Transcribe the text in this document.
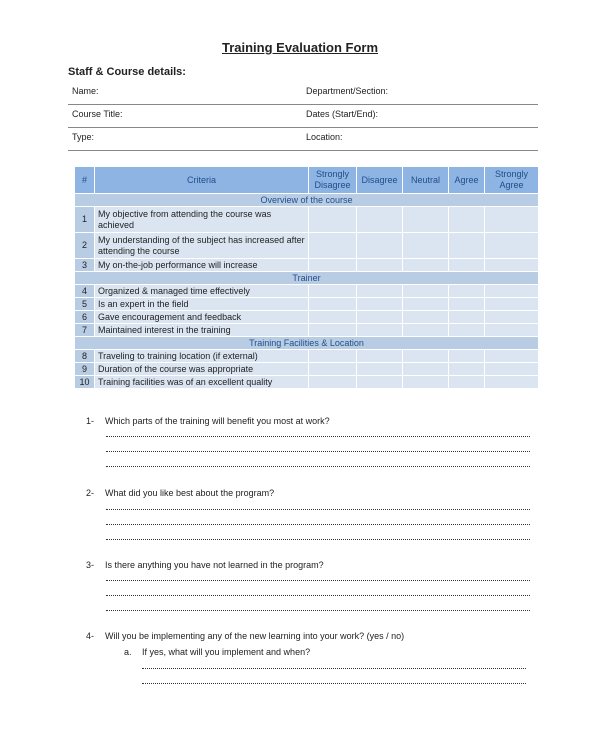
Training Evaluation Form
Staff & Course details:
Name:	Department/Section:
Course Title:	Dates (Start/End):
Type:	Location:
#	Criteria	Strongly Disagree	Disagree	Neutral	Agree	Strongly Agree
Overview of the course						
1	My objective from attending the course was achieved					
2	My understanding of the subject has increased after attending the course					
3	My on-the-job performance will increase					
Trainer						
4	Organized & managed time effectively					
5	Is an expert in the field					
6	Gave encouragement and feedback					
7	Maintained interest in the training					
Training Facilities & Location						
8	Traveling to training location (if external)					
9	Duration of the course was appropriate					
10	Training facilities was of an excellent quality					
1- Which parts of the training will benefit you most at work?
2- What did you like best about the program?
3- Is there anything you have not learned in the program?
4- Will you be implementing any of the new learning into your work? (yes / no)
a. If yes, what will you implement and when?
